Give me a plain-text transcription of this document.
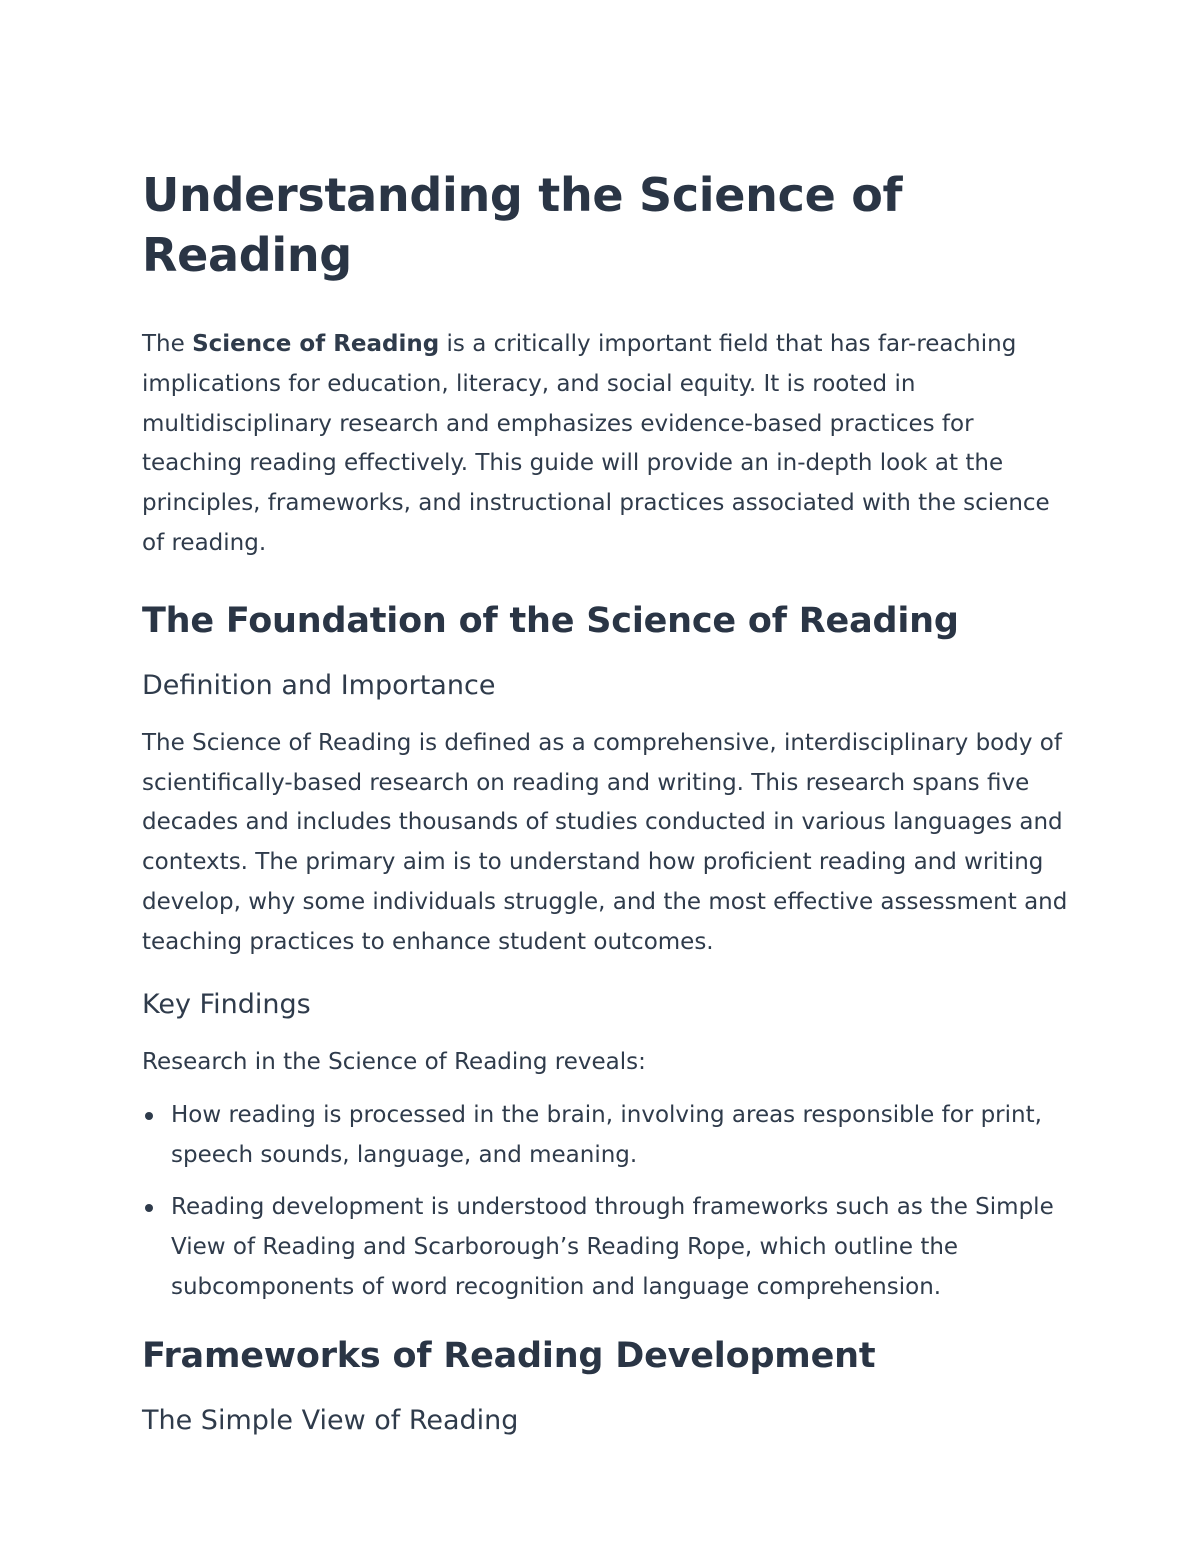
Understanding the Science of Reading

The Science of Reading is a critically important field that has far-reaching implications for education, literacy, and social equity. It is rooted in multidisciplinary research and emphasizes evidence-based practices for teaching reading effectively. This guide will provide an in-depth look at the principles, frameworks, and instructional practices associated with the science of reading.

The Foundation of the Science of Reading
Definition and Importance

The Science of Reading is defined as a comprehensive, interdisciplinary body of scientifically-based research on reading and writing. This research spans five decades and includes thousands of studies conducted in various languages and contexts. The primary aim is to understand how proficient reading and writing develop, why some individuals struggle, and the most effective assessment and teaching practices to enhance student outcomes.

Key Findings

Research in the Science of Reading reveals:

How reading is processed in the brain, involving areas responsible for print, speech sounds, language, and meaning.
Reading development is understood through frameworks such as the Simple View of Reading and Scarborough’s Reading Rope, which outline the subcomponents of word recognition and language comprehension.
Frameworks of Reading Development
The Simple View of Reading
